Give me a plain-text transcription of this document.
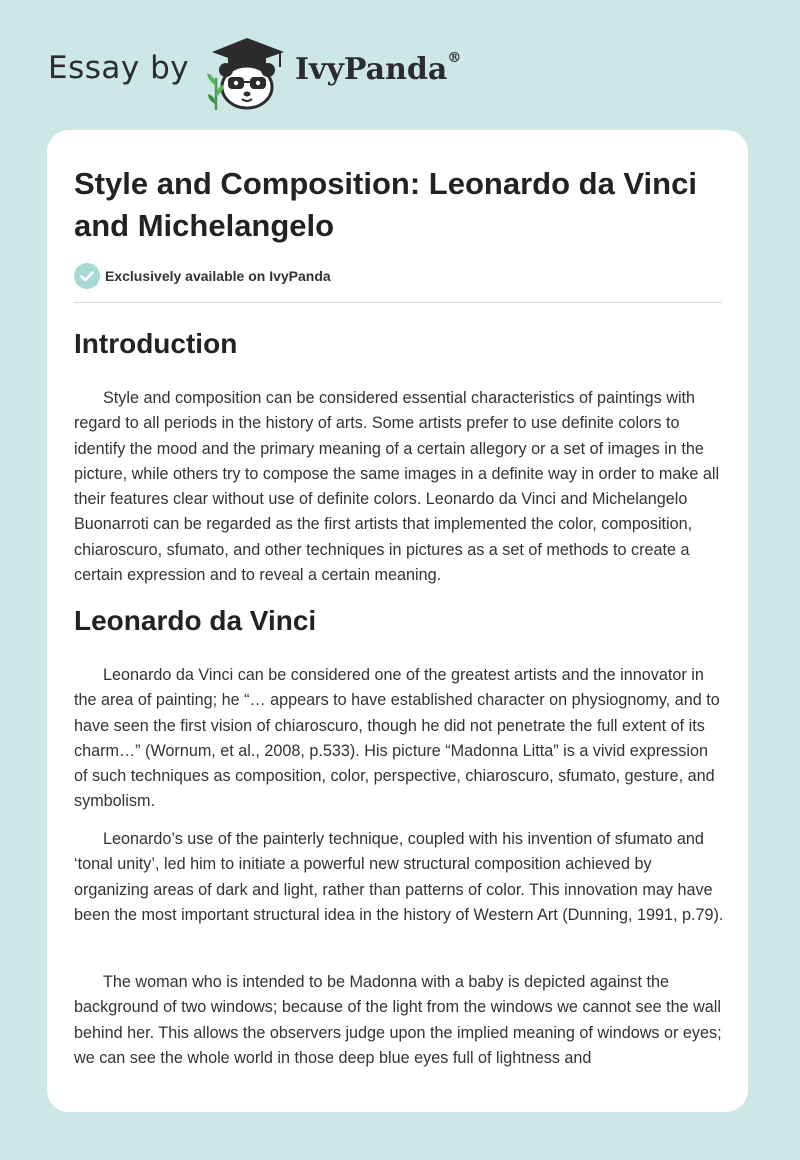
Essay by	IvyPanda®
Style and Composition: Leonardo da Vinci and Michelangelo
Exclusively available on IvyPanda
Introduction

Style and composition can be considered essential characteristics of paintings with regard to all periods in the history of arts. Some artists prefer to use definite colors to identify the mood and the primary meaning of a certain allegory or a set of images in the picture, while others try to compose the same images in a definite way in order to make all their features clear without use of definite colors. Leonardo da Vinci and Michelangelo Buonarroti can be regarded as the first artists that implemented the color, composition, chiaroscuro, sfumato, and other techniques in pictures as a set of methods to create a certain expression and to reveal a certain meaning.

Leonardo da Vinci

Leonardo da Vinci can be considered one of the greatest artists and the innovator in the area of painting; he “… appears to have established character on physiognomy, and to have seen the first vision of chiaroscuro, though he did not penetrate the full extent of its charm…” (Wornum, et al., 2008, p.533). His picture “Madonna Litta” is a vivid expression of such techniques as composition, color, perspective, chiaroscuro, sfumato, gesture, and symbolism.

Leonardo’s use of the painterly technique, coupled with his invention of sfumato and ‘tonal unity’, led him to initiate a powerful new structural composition achieved by organizing areas of dark and light, rather than patterns of color. This innovation may have been the most important structural idea in the history of Western Art (Dunning, 1991, p.79).

The woman who is intended to be Madonna with a baby is depicted against the background of two windows; because of the light from the windows we cannot see the wall behind her. This allows the observers judge upon the implied meaning of windows or eyes; we can see the whole world in those deep blue eyes full of lightness and
